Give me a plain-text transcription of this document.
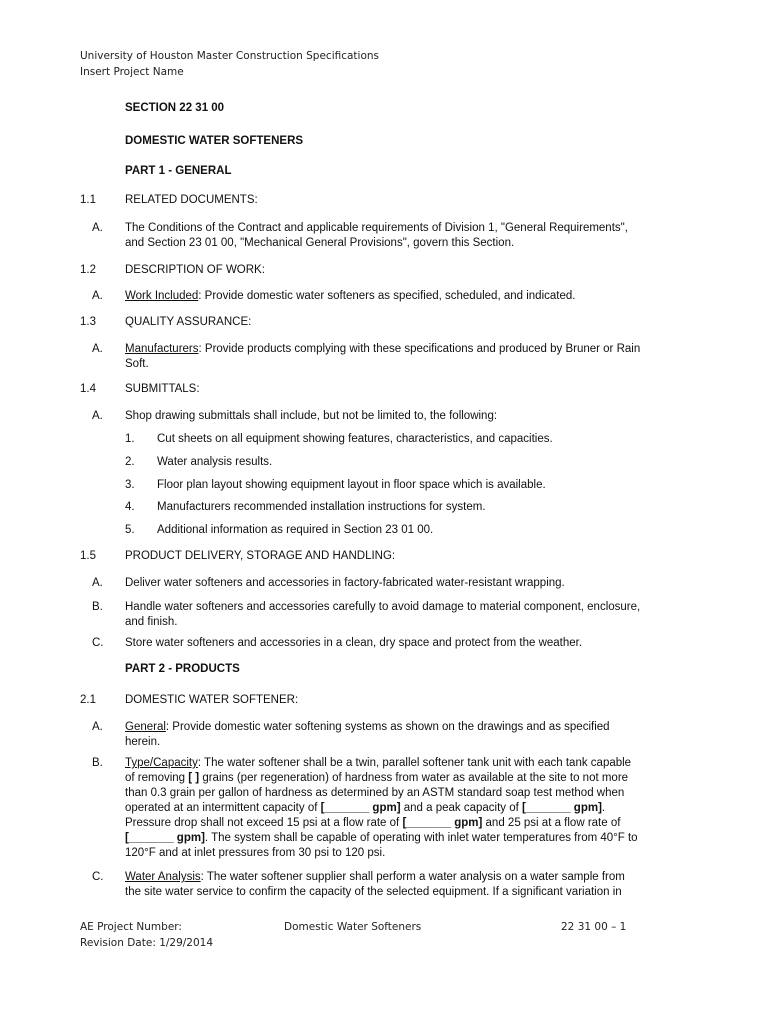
University of Houston Master Construction Specifications
Insert Project Name
SECTION 22 31 00
DOMESTIC WATER SOFTENERS
PART 1 - GENERAL
1.1	RELATED DOCUMENTS:
A. The Conditions of the Contract and applicable requirements of Division 1, "General Requirements",
and Section 23 01 00, "Mechanical General Provisions", govern this Section.
1.2	DESCRIPTION OF WORK:
A. Work Included: Provide domestic water softeners as specified, scheduled, and indicated.
1.3	QUALITY ASSURANCE:
A. Manufacturers: Provide products complying with these specifications and produced by Bruner or Rain
Soft.
1.4	SUBMITTALS:
A. Shop drawing submittals shall include, but not be limited to, the following:
1. Cut sheets on all equipment showing features, characteristics, and capacities.
2. Water analysis results.
3. Floor plan layout showing equipment layout in floor space which is available.
4. Manufacturers recommended installation instructions for system.
5. Additional information as required in Section 23 01 00.
1.5	PRODUCT DELIVERY, STORAGE AND HANDLING:
A. Deliver water softeners and accessories in factory-fabricated water-resistant wrapping.
B. Handle water softeners and accessories carefully to avoid damage to material component, enclosure,
and finish.
C. Store water softeners and accessories in a clean, dry space and protect from the weather.
PART 2 - PRODUCTS
2.1	DOMESTIC WATER SOFTENER:
A. General: Provide domestic water softening systems as shown on the drawings and as specified
herein.
B. Type/Capacity: The water softener shall be a twin, parallel softener tank unit with each tank capable
of removing [ ] grains (per regeneration) of hardness from water as available at the site to not more
than 0.3 grain per gallon of hardness as determined by an ASTM standard soap test method when
operated at an intermittent capacity of [_______ gpm] and a peak capacity of [_______ gpm].
Pressure drop shall not exceed 15 psi at a flow rate of [_______ gpm] and 25 psi at a flow rate of
[_______ gpm]. The system shall be capable of operating with inlet water temperatures from 40°F to
120°F and at inlet pressures from 30 psi to 120 psi.
C. Water Analysis: The water softener supplier shall perform a water analysis on a water sample from
the site water service to confirm the capacity of the selected equipment. If a significant variation in
AE Project Number:
Revision Date: 1/29/2014
Domestic Water Softeners	22 31 00 – 1
